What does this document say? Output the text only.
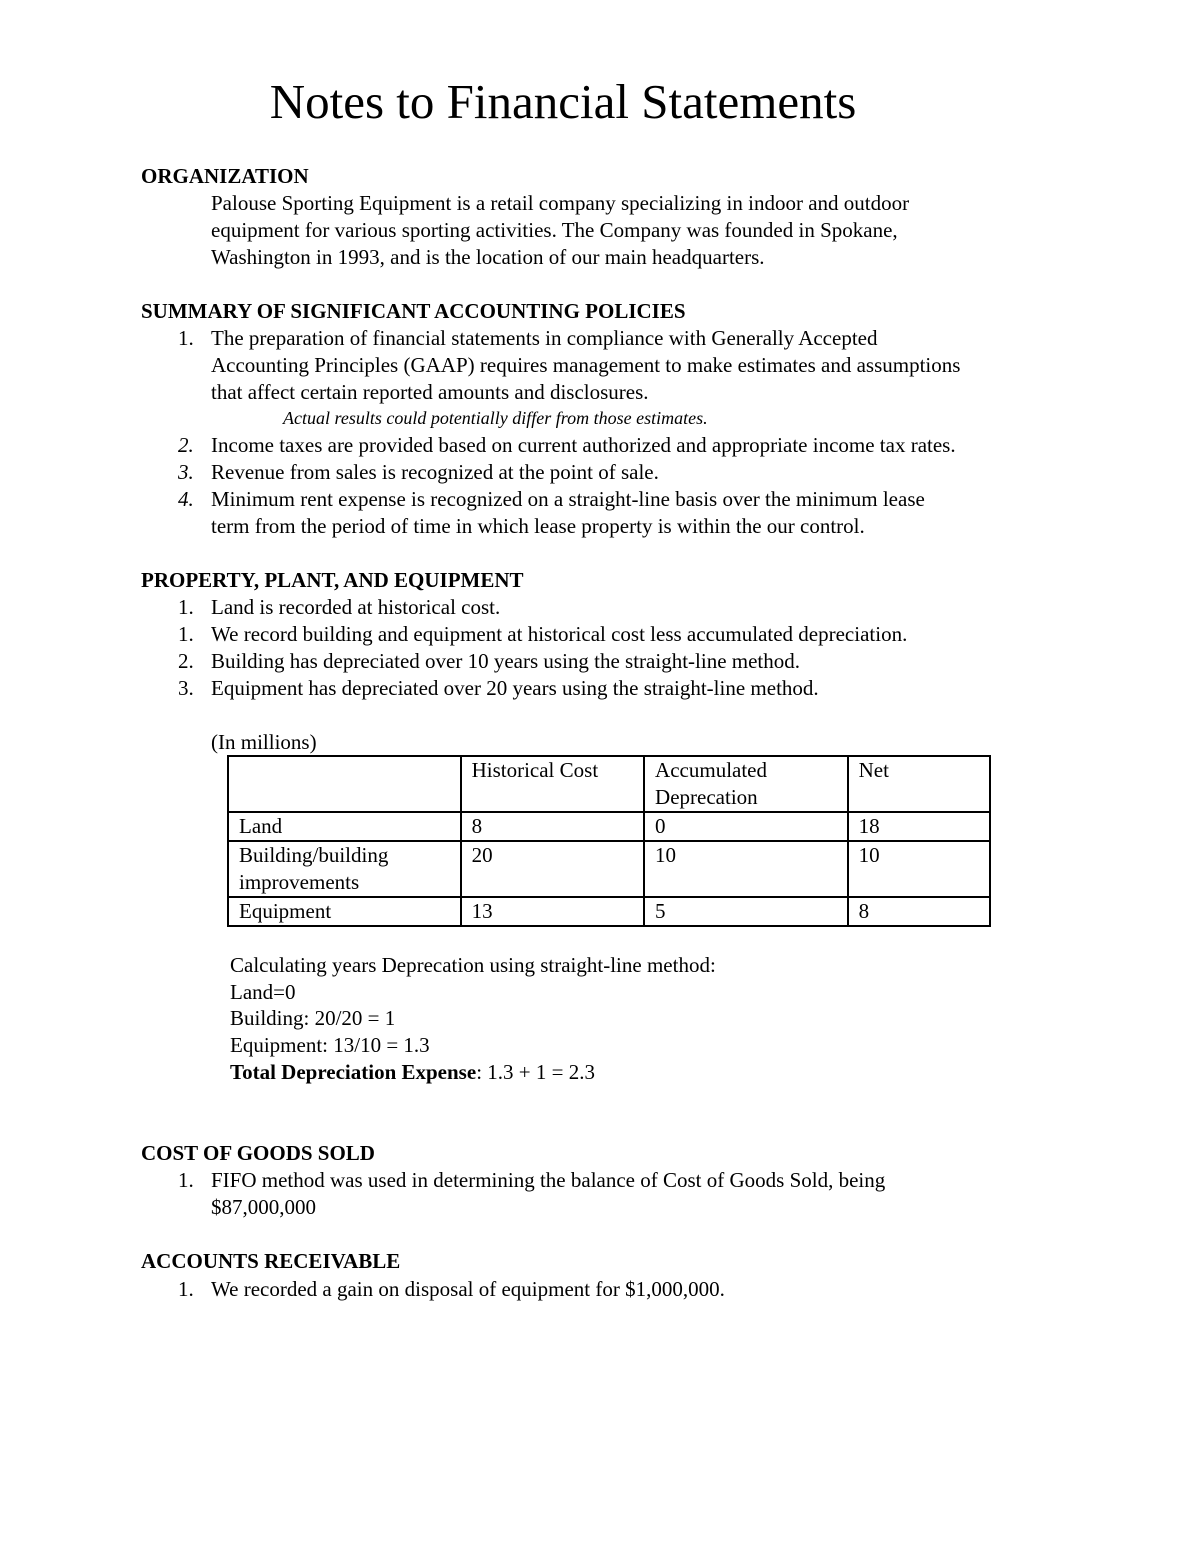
Notes to Financial Statements
ORGANIZATION
Palouse Sporting Equipment is a retail company specializing in indoor and outdoor
equipment for various sporting activities. The Company was founded in Spokane,
Washington in 1993, and is the location of our main headquarters.
SUMMARY OF SIGNIFICANT ACCOUNTING POLICIES
1. The preparation of financial statements in compliance with Generally Accepted
Accounting Principles (GAAP) requires management to make estimates and assumptions
that affect certain reported amounts and disclosures.
Actual results could potentially differ from those estimates.
2. Income taxes are provided based on current authorized and appropriate income tax rates.
3. Revenue from sales is recognized at the point of sale.
4. Minimum rent expense is recognized on a straight-line basis over the minimum lease
term from the period of time in which lease property is within the our control.
PROPERTY, PLANT, AND EQUIPMENT
1. Land is recorded at historical cost.
1. We record building and equipment at historical cost less accumulated depreciation.
2. Building has depreciated over 10 years using the straight-line method.
3. Equipment has depreciated over 20 years using the straight-line method.
(In millions)
	Historical Cost	Accumulated Deprecation	Net
Land	8	0	18
Building/building improvements	20	10	10
Equipment	13	5	8
Calculating years Deprecation using straight-line method:
Land=0
Building: 20/20 = 1
Equipment: 13/10 = 1.3
Total Depreciation Expense: 1.3 + 1 = 2.3
COST OF GOODS SOLD
1. FIFO method was used in determining the balance of Cost of Goods Sold, being
$87,000,000
ACCOUNTS RECEIVABLE
1. We recorded a gain on disposal of equipment for $1,000,000.
